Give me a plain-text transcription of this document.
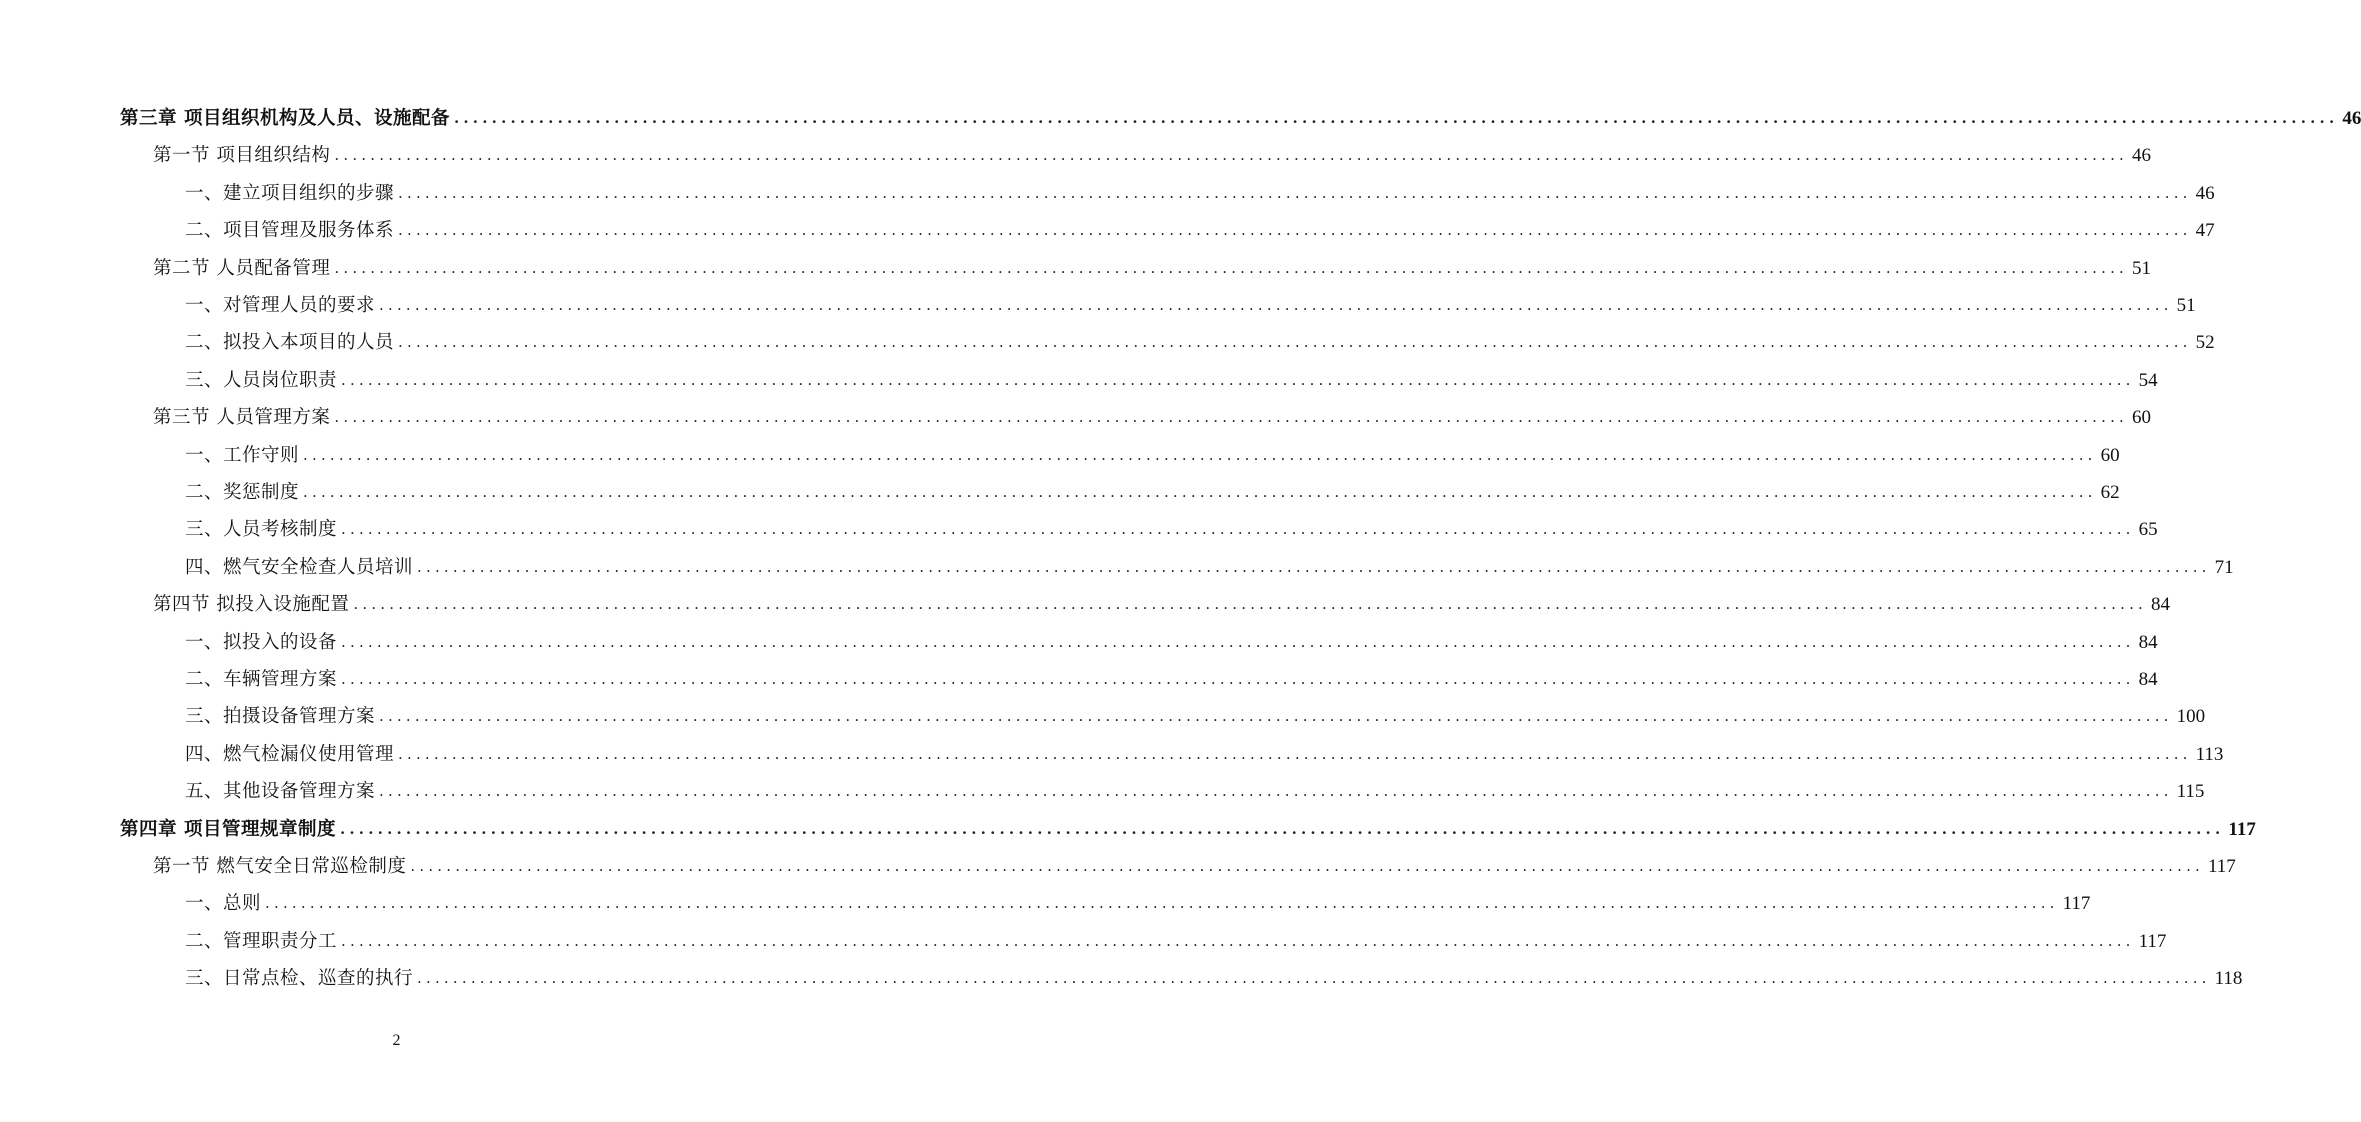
第三章 项目组织机构及人员、设施配备 ........................................................................................................................................................................................................ 46
第一节 项目组织结构 ........................................................................................................................................................................................................ 46
一、建立项目组织的步骤 ........................................................................................................................................................................................................ 46
二、项目管理及服务体系 ........................................................................................................................................................................................................ 47
第二节 人员配备管理 ........................................................................................................................................................................................................ 51
一、对管理人员的要求 ........................................................................................................................................................................................................ 51
二、拟投入本项目的人员 ........................................................................................................................................................................................................ 52
三、人员岗位职责 ........................................................................................................................................................................................................ 54
第三节 人员管理方案 ........................................................................................................................................................................................................ 60
一、工作守则 ........................................................................................................................................................................................................ 60
二、奖惩制度 ........................................................................................................................................................................................................ 62
三、人员考核制度 ........................................................................................................................................................................................................ 65
四、燃气安全检查人员培训 ........................................................................................................................................................................................................ 71
第四节 拟投入设施配置 ........................................................................................................................................................................................................ 84
一、拟投入的设备 ........................................................................................................................................................................................................ 84
二、车辆管理方案 ........................................................................................................................................................................................................ 84
三、拍摄设备管理方案 ........................................................................................................................................................................................................ 100
四、燃气检漏仪使用管理 ........................................................................................................................................................................................................ 113
五、其他设备管理方案 ........................................................................................................................................................................................................ 115
第四章 项目管理规章制度 ........................................................................................................................................................................................................ 117
第一节 燃气安全日常巡检制度 ........................................................................................................................................................................................................ 117
一、总则 ........................................................................................................................................................................................................ 117
二、管理职责分工 ........................................................................................................................................................................................................ 117
三、日常点检、巡查的执行 ........................................................................................................................................................................................................ 118
2
